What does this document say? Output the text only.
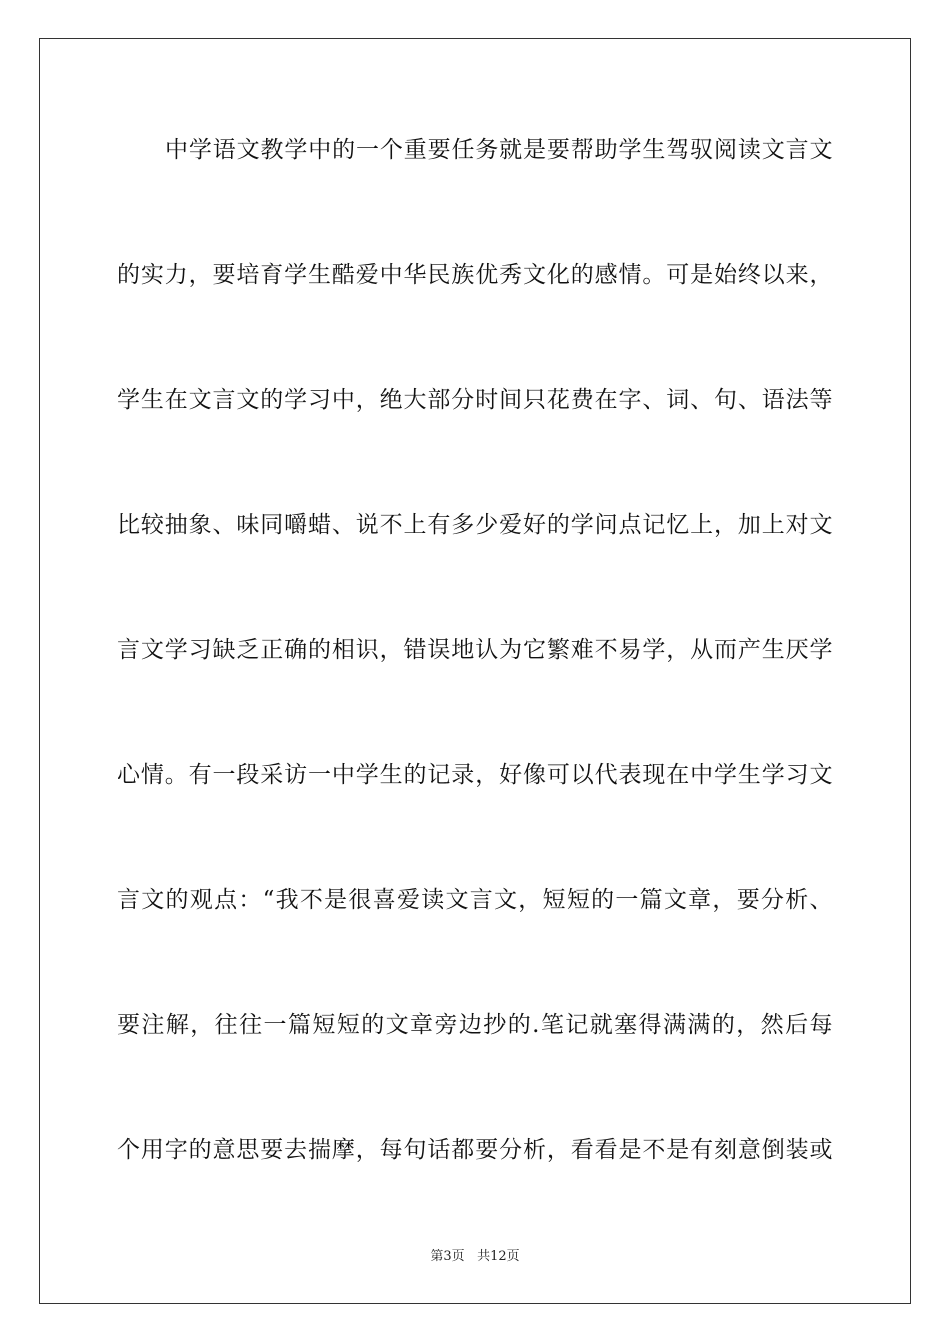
中学语文教学中的一个重要任务就是要帮助学生驾驭阅读文言文
的实力，要培育学生酷爱中华民族优秀文化的感情。可是始终以来，
学生在文言文的学习中，绝大部分时间只花费在字、词、句、语法等
比较抽象、味同嚼蜡、说不上有多少爱好的学问点记忆上，加上对文
言文学习缺乏正确的相识，错误地认为它繁难不易学，从而产生厌学
心情。有一段采访一中学生的记录，好像可以代表现在中学生学习文
言文的观点：“我不是很喜爱读文言文，短短的一篇文章，要分析、
要注解，往往一篇短短的文章旁边抄的.笔记就塞得满满的，然后每
个用字的意思要去揣摩，每句话都要分析，看看是不是有刻意倒装或
第3页 共12页
